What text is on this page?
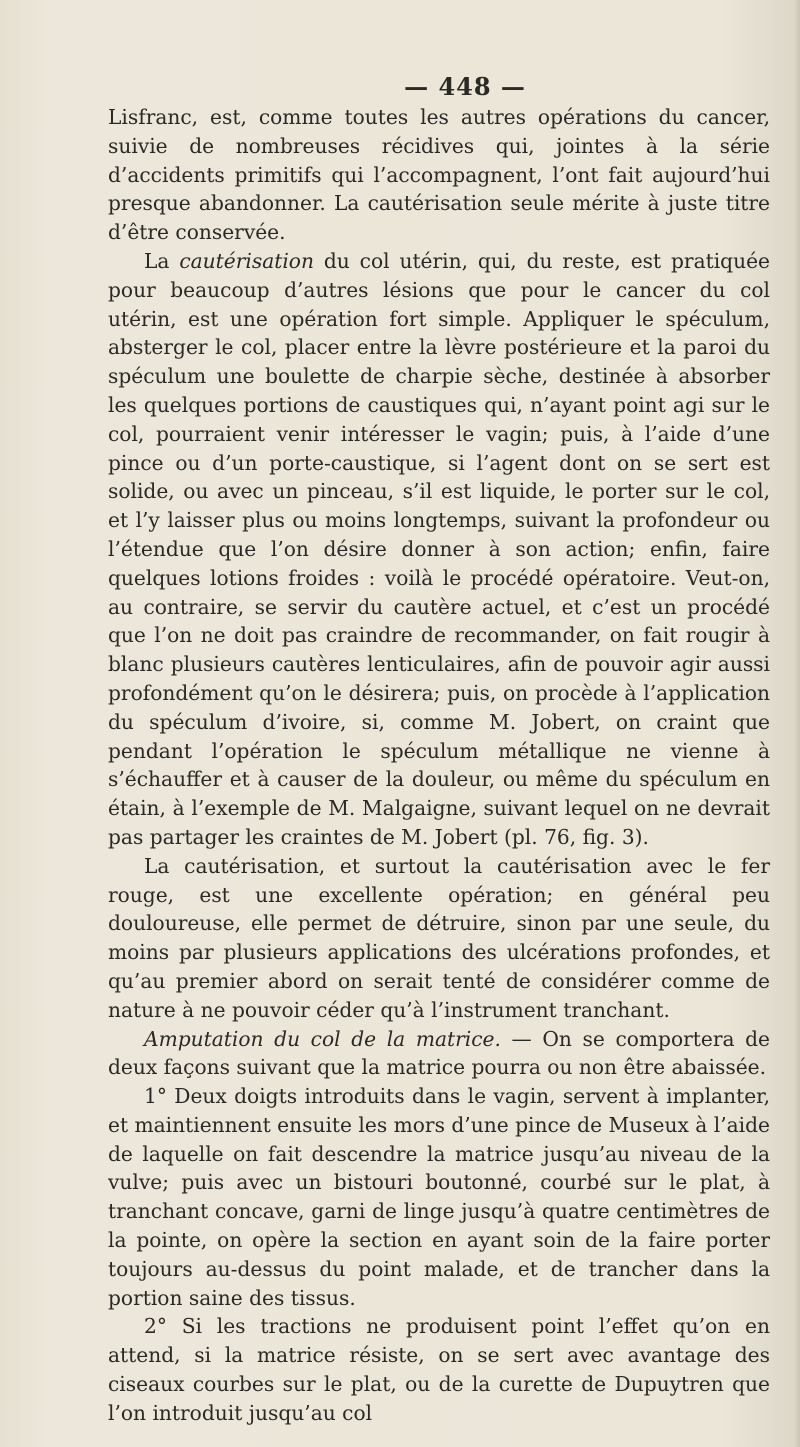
— 448 —

Lisfranc, est, comme toutes les autres opérations du cancer, suivie de nombreuses récidives qui, jointes à la série d’accidents primitifs qui l’accompagnent, l’ont fait aujourd’hui presque abandonner. La cautérisation seule mérite à juste titre d’être conservée.

La cautérisation du col utérin, qui, du reste, est pratiquée pour beaucoup d’autres lésions que pour le cancer du col utérin, est une opération fort simple. Appliquer le spéculum, absterger le col, placer entre la lèvre postérieure et la paroi du spéculum une boulette de charpie sèche, destinée à absorber les quelques portions de caustiques qui, n’ayant point agi sur le col, pourraient venir intéresser le vagin; puis, à l’aide d’une pince ou d’un porte-caustique, si l’agent dont on se sert est solide, ou avec un pinceau, s’il est liquide, le porter sur le col, et l’y laisser plus ou moins longtemps, suivant la profondeur ou l’étendue que l’on désire donner à son action; enfin, faire quelques lotions froides : voilà le procédé opératoire. Veut-on, au contraire, se servir du cautère actuel, et c’est un procédé que l’on ne doit pas craindre de recommander, on fait rougir à blanc plusieurs cautères lenticulaires, afin de pouvoir agir aussi profondément qu’on le désirera; puis, on procède à l’application du spéculum d’ivoire, si, comme M. Jobert, on craint que pendant l’opération le spéculum métallique ne vienne à s’échauffer et à causer de la douleur, ou même du spéculum en étain, à l’exemple de M. Malgaigne, suivant lequel on ne devrait pas partager les craintes de M. Jobert (pl. 76, fig. 3).

La cautérisation, et surtout la cautérisation avec le fer rouge, est une excellente opération; en général peu douloureuse, elle permet de détruire, sinon par une seule, du moins par plusieurs applications des ulcérations profondes, et qu’au premier abord on serait tenté de considérer comme de nature à ne pouvoir céder qu’à l’instrument tranchant.

Amputation du col de la matrice. — On se comportera de deux façons suivant que la matrice pourra ou non être abaissée.

1° Deux doigts introduits dans le vagin, servent à implanter, et maintiennent ensuite les mors d’une pince de Museux à l’aide de laquelle on fait descendre la matrice jusqu’au niveau de la vulve; puis avec un bistouri boutonné, courbé sur le plat, à tranchant concave, garni de linge jusqu’à quatre centimètres de la pointe, on opère la section en ayant soin de la faire porter toujours au-dessus du point malade, et de trancher dans la portion saine des tissus.

2° Si les tractions ne produisent point l’effet qu’on en attend, si la matrice résiste, on se sert avec avantage des ciseaux courbes sur le plat, ou de la curette de Dupuytren que l’on introduit jusqu’au col
